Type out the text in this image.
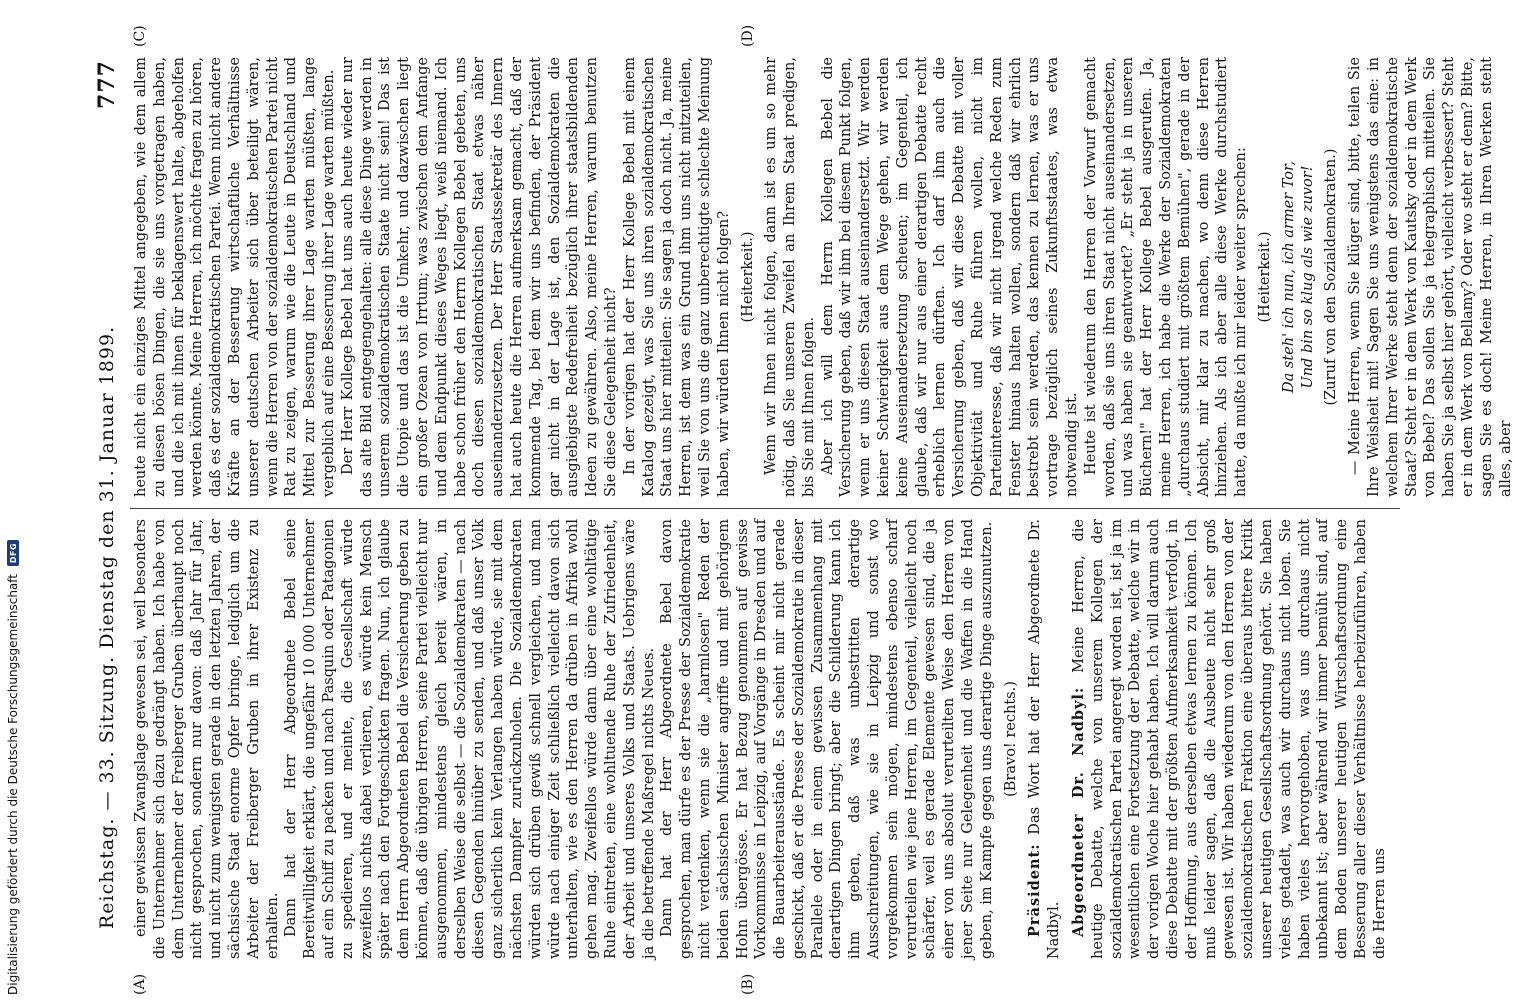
Digitalisierung gefördert durch die Deutsche Forschungsgemeinschaft
DFG	Reichstag. — 33. Sitzung. Dienstag den 31. Januar 1899.
777
(A)	(B)
(C)	(D)

einer gewissen Zwangslage gewesen sei, weil besonders die Unternehmer sich dazu gedrängt haben. Ich habe von dem Unternehmer der Freiberger Gruben überhaupt noch nicht gesprochen, sondern nur davon: daß Jahr für Jahr, und nicht zum wenigsten gerade in den letzten Jahren, der sächsische Staat enorme Opfer bringe, lediglich um die Arbeiter der Freiberger Gruben in ihrer Existenz zu erhalten. Dann hat der Herr Abgeordnete Bebel seine Bereitwilligkeit erklärt, die ungefähr 10 000 Unternehmer auf ein Schiff zu packen und nach Pasquin oder Patagonien zu spedieren, und er meinte, die Gesellschaft würde zweifellos nichts dabei verlieren, es würde kein Mensch später nach den Fortgeschickten fragen. Nun, ich glaube dem Herrn Abgeordneten Bebel die Versicherung geben zu können, daß die übrigen Herren, seine Partei vielleicht nur ausgenommen, mindestens gleich bereit wären, in derselben Weise die selbst — die Sozialdemokraten — nach diesen Gegenden hinüber zu senden, und daß unser Volk ganz sicherlich kein Verlangen haben würde, sie mit dem nächsten Dampfer zurückzuholen. Die Sozialdemokraten würden sich drüben gewiß schnell vergleichen, und man würde nach einiger Zeit schließlich vielleicht davon sich unterhalten, wie es den Herren da drüben in Afrika wohl gehen mag. Zweifellos würde dann über eine wohltätige Ruhe eintreten, eine wohltuende Ruhe der Zufriedenheit, der Arbeit und unseres Volks und Staats. Uebrigens wäre ja die betreffende Maßregel nichts Neues. Dann hat der Herr Abgeordnete Bebel davon gesprochen, man dürfe es der Presse der Sozialdemokratie nicht verdenken, wenn sie die „harmlosen" Reden der beiden sächsischen Minister angriffe und mit gehörigem Hohn übergösse. Er hat Bezug genommen auf gewisse Vorkommnisse in Leipzig, auf Vorgänge in Dresden und auf die Bauarbeiterausstände. Es scheint mir nicht gerade geschickt, daß er die Presse der Sozialdemokratie in dieser Parallele oder in einem gewissen Zusammenhang mit derartigen Dingen bringt; aber die Schilderung kann ich ihm geben, daß was unbestritten derartige Ausschreitungen, wie sie in Leipzig und sonst wo vorgekommen sein mögen, mindestens ebenso scharf verurteilen wie jene Herren, im Gegenteil, vielleicht noch schärfer, weil es gerade Elemente gewesen sind, die ja einer von uns absolut verurteilten Weise den Herren von jener Seite nur Gelegenheit und die Waffen in die Hand geben, im Kampfe gegen uns derartige Dinge auszunutzen. (Bravo! rechts.)

Präsident: Das Wort hat der Herr Abgeordnete Dr. Nadbyl. Abgeordneter Dr. Nadbyl: Meine Herren, die heutige Debatte, welche von unserem Kollegen der sozialdemokratischen Partei angeregt worden ist, ist ja im wesentlichen eine Fortsetzung der Debatte, welche wir in der vorigen Woche hier gehabt haben. Ich will darum auch diese Debatte mit der größten Aufmerksamkeit verfolgt, in der Hoffnung, aus derselben etwas lernen zu können. Ich muß leider sagen, daß die Ausbeute nicht sehr groß gewesen ist. Wir haben wiederum von den Herren von der sozialdemokratischen Fraktion eine überaus bittere Kritik unserer heutigen Gesellschaftsordnung gehört. Sie haben vieles getadelt, was auch wir durchaus nicht loben. Sie haben vieles hervorgehoben, was uns durchaus nicht unbekannt ist; aber während wir immer bemüht sind, auf dem Boden unserer heutigen Wirtschaftsordnung eine Besserung aller dieser Verhältnisse herbeizuführen, haben die Herren uns

heute nicht ein einziges Mittel angegeben, wie dem allem zu diesen bösen Dingen, die sie uns vorgetragen haben, und die ich mit ihnen für beklagenswert halte, abgeholfen werden könnte. Meine Herren, ich möchte fragen zu hören, daß es der sozialdemokratischen Partei. Wenn nicht andere Kräfte an der Besserung wirtschaftliche Verhältnisse unserer deutschen Arbeiter sich über beteiligt wären, wenn die Herren von der sozialdemokratischen Partei nicht Rat zu zeigen, warum wie die Leute in Deutschland und Mittel zur Besserung ihrer Lage warten müßten, lange vergeblich auf eine Besserung ihrer Lage warten müßten. Der Herr Kollege Bebel hat uns auch heute wieder nur das alte Bild entgegengehalten: alle diese Dinge werden in unserem sozialdemokratischen Staate nicht sein! Das ist die Utopie und das ist die Umkehr, und dazwischen liegt ein großer Ozean von Irrtum; was zwischen dem Anfange und dem Endpunkt dieses Weges liegt, weiß niemand. Ich habe schon früher den Herrn Kollegen Bebel gebeten, uns doch diesen sozialdemokratischen Staat etwas näher auseinanderzusetzen. Der Herr Staatssekretär des Innern hat auch heute die Herren aufmerksam gemacht, daß der kommende Tag, bei dem wir uns befinden, der Präsident gar nicht in der Lage ist, den Sozialdemokraten die ausgiebigste Redefreiheit bezüglich ihrer staatsbildenden Ideen zu gewähren. Also, meine Herren, warum benutzen Sie diese Gelegenheit nicht? In der vorigen hat der Herr Kollege Bebel mit einem Katalog gezeigt, was Sie uns ihren sozialdemokratischen Staat uns hier mitteilen: Sie sagen ja doch nicht. Ja, meine Herren, ist dem was ein Grund ihm uns nicht mitzuteilen, weil Sie von uns die ganz unberechtigte schlechte Meinung haben, wir würden Ihnen nicht folgen? (Heiterkeit.) Wenn wir Ihnen nicht folgen, dann ist es um so mehr nötig, daß Sie unseren Zweifel an Ihrem Staat predigen, bis Sie mit Ihnen folgen. Aber ich will dem Herrn Kollegen Bebel die Versicherung geben, daß wir ihm bei diesem Punkt folgen, wenn er uns diesen Staat auseinandersetzt. Wir werden keiner Schwierigkeit aus dem Wege gehen, wir werden keine Auseinandersetzung scheuen; im Gegenteil, ich glaube, daß wir nur aus einer derartigen Debatte recht erheblich lernen dürften. Ich darf ihm auch die Versicherung geben, daß wir diese Debatte mit voller Objektivität und Ruhe führen wollen, nicht im Parteiinteresse, daß wir nicht irgend welche Reden zum Fenster hinaus halten wollen, sondern daß wir ehrlich bestrebt sein werden, das kennen zu lernen, was er uns vortrage bezüglich seines Zukunftsstaates, was etwa notwendig ist. Heute ist wiederum den Herren der Vorwurf gemacht worden, daß sie uns ihren Staat nicht auseinandersetzen, und was haben sie geantwortet? „Er steht ja in unseren Büchern!" hat der Herr Kollege Bebel ausgerufen. Ja, meine Herren, ich habe die Werke der Sozialdemokraten „durchaus studiert mit größtem Bemühen", gerade in der Absicht, mir klar zu machen, wo denn diese Herren hinziehen. Als ich aber alle diese Werke durchstudiert hatte, da mußte ich mir leider weiter sprechen: (Heiterkeit.) Da steh' ich nun, ich armer Tor, Und bin so klug als wie zuvor! (Zuruf von den Sozialdemokraten.) — Meine Herren, wenn Sie klüger sind, bitte, teilen Sie Ihre Weisheit mit! Sagen Sie uns wenigstens das eine: in welchem Ihrer Werke steht denn der sozialdemokratische Staat? Steht er in dem Werk von Kautsky oder in dem Werk von Bebel? Das sollen Sie ja telegraphisch mitteilen. Sie haben Sie ja selbst hier gehört, vielleicht verbessert? Steht er in dem Werk von Bellamy? Oder wo steht er denn? Bitte, sagen Sie es doch! Meine Herren, in Ihren Werken steht alles, aber
